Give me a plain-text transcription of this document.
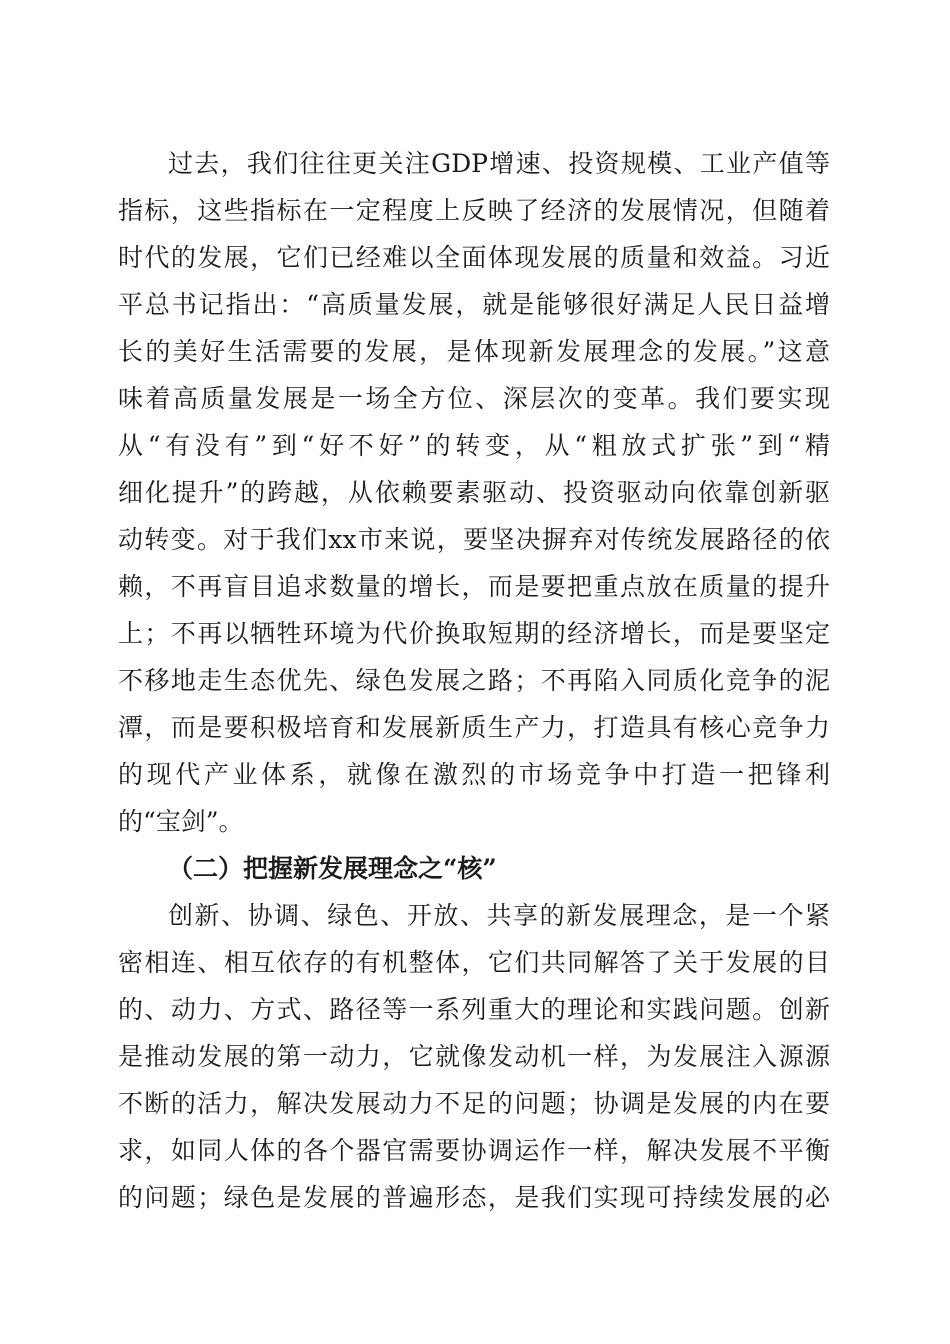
过去，我们往往更关注GDP增速、投资规模、工业产值等
指标，这些指标在一定程度上反映了经济的发展情况，但随着
时代的发展，它们已经难以全面体现发展的质量和效益。习近
平总书记指出：“高质量发展，就是能够很好满足人民日益增
长的美好生活需要的发展，是体现新发展理念的发展。”这意
味着高质量发展是一场全方位、深层次的变革。我们要实现
从“有没有”到“好不好”的转变，从“粗放式扩张”到“精
细化提升”的跨越，从依赖要素驱动、投资驱动向依靠创新驱
动转变。对于我们xx市来说，要坚决摒弃对传统发展路径的依
赖，不再盲目追求数量的增长，而是要把重点放在质量的提升
上；不再以牺牲环境为代价换取短期的经济增长，而是要坚定
不移地走生态优先、绿色发展之路；不再陷入同质化竞争的泥
潭，而是要积极培育和发展新质生产力，打造具有核心竞争力
的现代产业体系，就像在激烈的市场竞争中打造一把锋利
的“宝剑”。
（二）把握新发展理念之“核”
创新、协调、绿色、开放、共享的新发展理念，是一个紧
密相连、相互依存的有机整体，它们共同解答了关于发展的目
的、动力、方式、路径等一系列重大的理论和实践问题。创新
是推动发展的第一动力，它就像发动机一样，为发展注入源源
不断的活力，解决发展动力不足的问题；协调是发展的内在要
求，如同人体的各个器官需要协调运作一样，解决发展不平衡
的问题；绿色是发展的普遍形态，是我们实现可持续发展的必
